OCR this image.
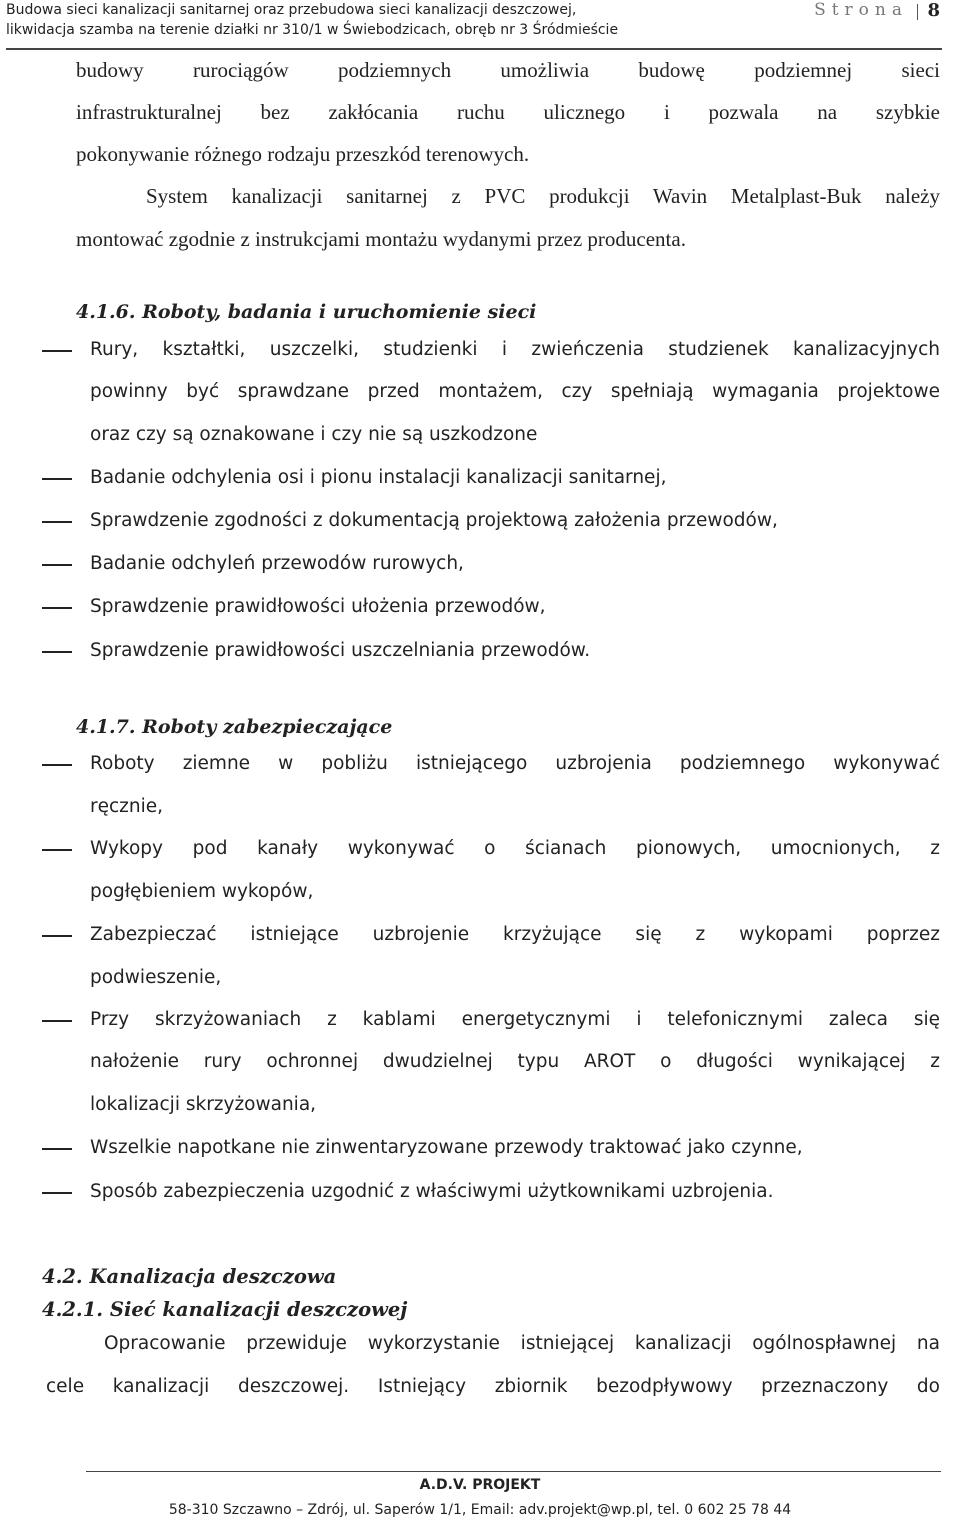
Budowa sieci kanalizacji sanitarnej oraz przebudowa sieci kanalizacji deszczowej,
likwidacja szamba na terenie działki nr 310/1 w Świebodzicach, obręb nr 3 Śródmieście
Strona 8
budowy rurociągów podziemnych umożliwia budowę podziemnej sieci
infrastrukturalnej bez zakłócania ruchu ulicznego i pozwala na szybkie
pokonywanie różnego rodzaju przeszkód terenowych.
System kanalizacji sanitarnej z PVC produkcji Wavin Metalplast-Buk należy
montować zgodnie z instrukcjami montażu wydanymi przez producenta.
4.1.6. Roboty, badania i uruchomienie sieci
Rury, kształtki, uszczelki, studzienki i zwieńczenia studzienek kanalizacyjnych
powinny być sprawdzane przed montażem, czy spełniają wymagania projektowe
oraz czy są oznakowane i czy nie są uszkodzone
Badanie odchylenia osi i pionu instalacji kanalizacji sanitarnej,
Sprawdzenie zgodności z dokumentacją projektową założenia przewodów,
Badanie odchyleń przewodów rurowych,
Sprawdzenie prawidłowości ułożenia przewodów,
Sprawdzenie prawidłowości uszczelniania przewodów.
4.1.7. Roboty zabezpieczające
Roboty ziemne w pobliżu istniejącego uzbrojenia podziemnego wykonywać
ręcznie,
Wykopy pod kanały wykonywać o ścianach pionowych, umocnionych, z
pogłębieniem wykopów,
Zabezpieczać istniejące uzbrojenie krzyżujące się z wykopami poprzez
podwieszenie,
Przy skrzyżowaniach z kablami energetycznymi i telefonicznymi zaleca się
nałożenie rury ochronnej dwudzielnej typu AROT o długości wynikającej z
lokalizacji skrzyżowania,
Wszelkie napotkane nie zinwentaryzowane przewody traktować jako czynne,
Sposób zabezpieczenia uzgodnić z właściwymi użytkownikami uzbrojenia.
4.2. Kanalizacja deszczowa
4.2.1. Sieć kanalizacji deszczowej
Opracowanie przewiduje wykorzystanie istniejącej kanalizacji ogólnospławnej na
cele kanalizacji deszczowej. Istniejący zbiornik bezodpływowy przeznaczony do
A.D.V. PROJEKT
58-310 Szczawno – Zdrój, ul. Saperów 1/1, Email: adv.projekt@wp.pl, tel. 0 602 25 78 44
